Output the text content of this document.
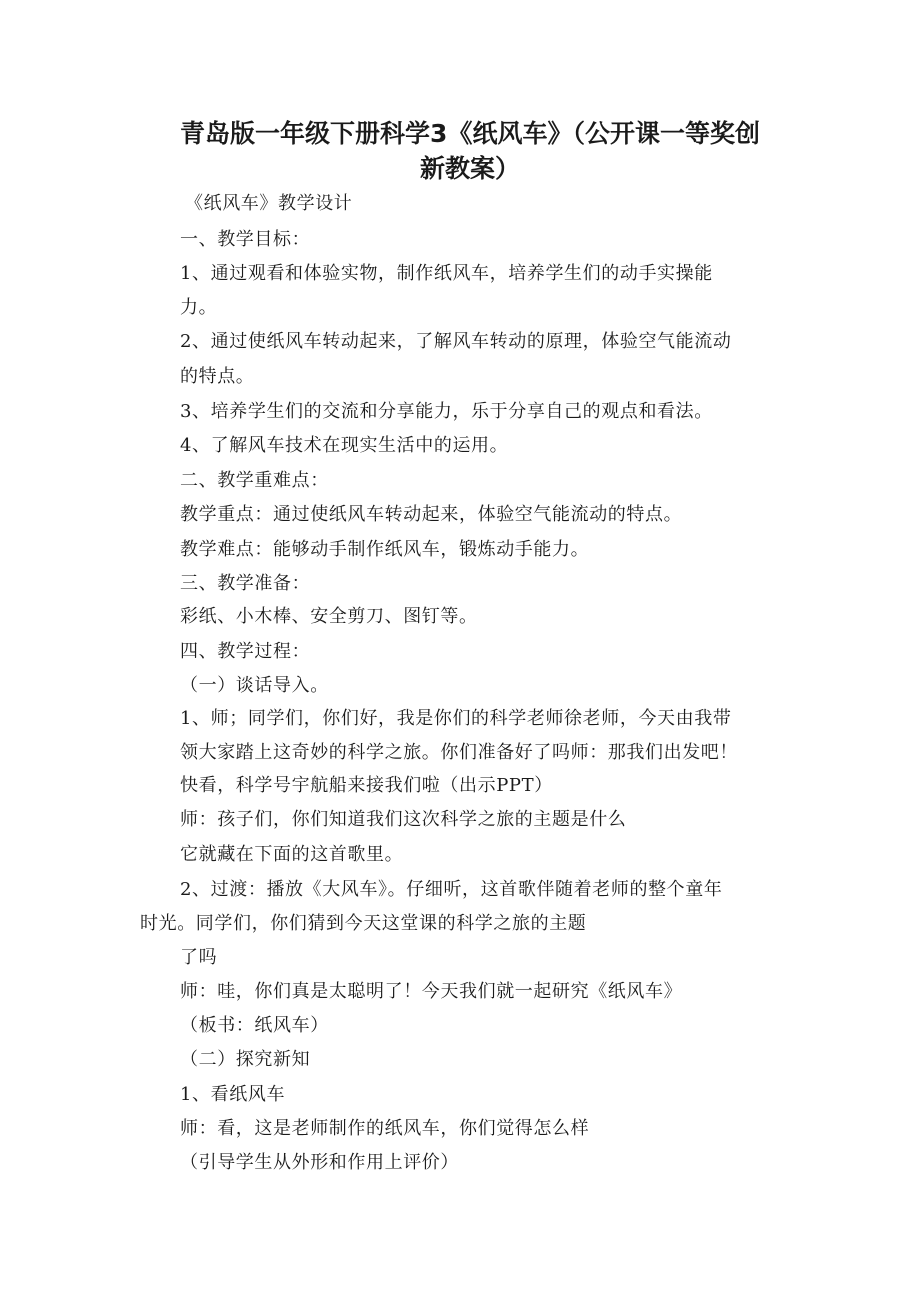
青岛版一年级下册科学3《纸风车》（公开课一等奖创
新教案）
《纸风车》教学设计
一、教学目标：
1、通过观看和体验实物，制作纸风车，培养学生们的动手实操能
力。
2、通过使纸风车转动起来，了解风车转动的原理，体验空气能流动
的特点。
3、培养学生们的交流和分享能力，乐于分享自己的观点和看法。
4、了解风车技术在现实生活中的运用。
二、教学重难点：
教学重点：通过使纸风车转动起来，体验空气能流动的特点。
教学难点：能够动手制作纸风车，锻炼动手能力。
三、教学准备：
彩纸、小木棒、安全剪刀、图钉等。
四、教学过程：
（一）谈话导入。
1、师；同学们，你们好，我是你们的科学老师徐老师，今天由我带
领大家踏上这奇妙的科学之旅。你们准备好了吗师：那我们出发吧！
快看，科学号宇航船来接我们啦（出示PPT）
师：孩子们，你们知道我们这次科学之旅的主题是什么
它就藏在下面的这首歌里。
2、过渡：播放《大风车》。仔细听，这首歌伴随着老师的整个童年
时光。同学们，你们猜到今天这堂课的科学之旅的主题
了吗
师：哇，你们真是太聪明了！今天我们就一起研究《纸风车》
（板书：纸风车）
（二）探究新知
1、看纸风车
师：看，这是老师制作的纸风车，你们觉得怎么样
（引导学生从外形和作用上评价）
